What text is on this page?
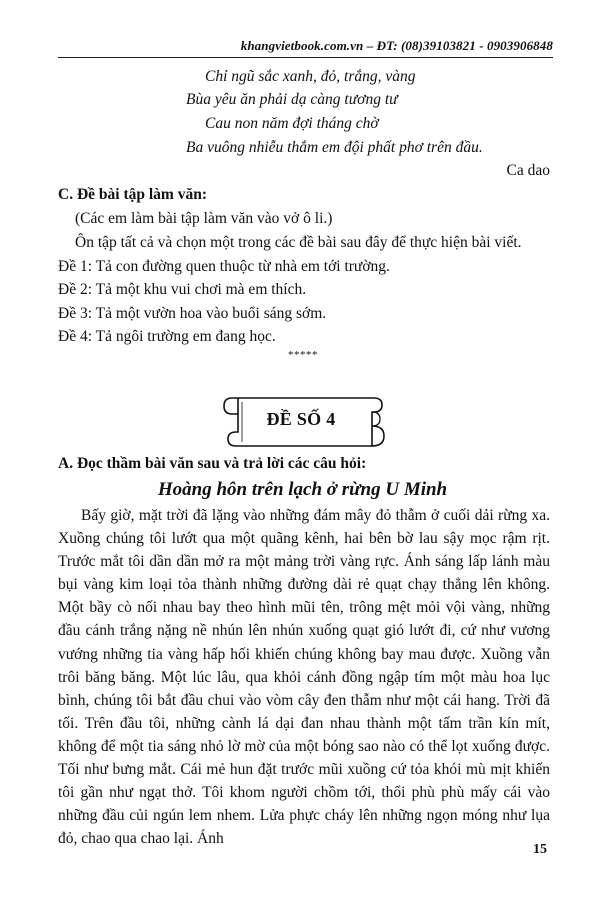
khangvietbook.com.vn – ĐT: (08)39103821 - 0903906848
Chỉ ngũ sắc xanh, đỏ, trắng, vàng
Bùa yêu ăn phải dạ càng tương tư
Cau non năm đợi tháng chờ
Ba vuông nhiễu thắm em đội phất phơ trên đầu.
Ca dao
C. Đề bài tập làm văn:
(Các em làm bài tập làm văn vào vở ô li.)
Ôn tập tất cả và chọn một trong các đề bài sau đây để thực hiện bài viết.
Đề 1: Tả con đường quen thuộc từ nhà em tới trường.
Đề 2: Tả một khu vui chơi mà em thích.
Đề 3: Tả một vườn hoa vào buổi sáng sớm.
Đề 4: Tả ngôi trường em đang học.
*****
ĐỀ SỐ 4
A. Đọc thầm bài văn sau và trả lời các câu hỏi:
Hoàng hôn trên lạch ở rừng U Minh
Bấy giờ, mặt trời đã lặng vào những đám mây đỏ thẫm ở cuối dải rừng xa. Xuồng chúng tôi lướt qua một quãng kênh, hai bên bờ lau sậy mọc rậm rịt. Trước mắt tôi dần dần mở ra một mảng trời vàng rực. Ánh sáng lấp lánh màu bụi vàng kim loại tỏa thành những đường dài rẻ quạt chạy thẳng lên không. Một bầy cò nối nhau bay theo hình mũi tên, trông mệt mỏi vội vàng, những đầu cánh trắng nặng nề nhún lên nhún xuống quạt gió lướt đi, cứ như vương vướng những tia vàng hấp hối khiến chúng không bay mau được. Xuồng vẫn trôi băng băng. Một lúc lâu, qua khỏi cánh đồng ngập tím một màu hoa lục bình, chúng tôi bắt đầu chui vào vòm cây đen thẫm như một cái hang. Trời đã tối. Trên đầu tôi, những cành lá dại đan nhau thành một tấm trần kín mít, không để một tia sáng nhỏ lờ mờ của một bóng sao nào có thể lọt xuống được. Tối như bưng mắt. Cái mẻ hun đặt trước mũi xuồng cứ tỏa khói mù mịt khiến tôi gần như ngạt thở. Tôi khom người chồm tới, thổi phù phù mấy cái vào những đầu củi ngún lem nhem. Lửa phực cháy lên những ngọn móng như lụa đỏ, chao qua chao lại. Ánh
15
